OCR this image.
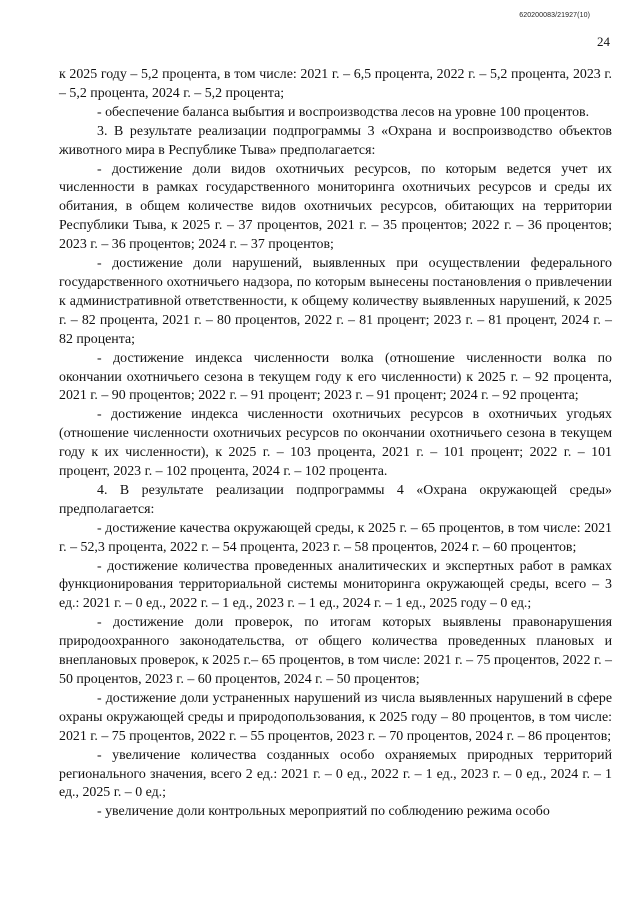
620200083/21927(10)
24

к 2025 году – 5,2 процента, в том числе: 2021 г. – 6,5 процента, 2022 г. – 5,2 процента, 2023 г. – 5,2 процента, 2024 г. – 5,2 процента;

- обеспечение баланса выбытия и воспроизводства лесов на уровне 100 процентов.

3. В результате реализации подпрограммы 3 «Охрана и воспроизводство объектов животного мира в Республике Тыва» предполагается:

- достижение доли видов охотничьих ресурсов, по которым ведется учет их численности в рамках государственного мониторинга охотничьих ресурсов и среды их обитания, в общем количестве видов охотничьих ресурсов, обитающих на территории Республики Тыва, к 2025 г. – 37 процентов, 2021 г. – 35 процентов; 2022 г. – 36 процентов; 2023 г. – 36 процентов; 2024 г. – 37 процентов;

- достижение доли нарушений, выявленных при осуществлении федерального государственного охотничьего надзора, по которым вынесены постановления о привлечении к административной ответственности, к общему количеству выявленных нарушений, к 2025 г. – 82 процента, 2021 г. – 80 процентов, 2022 г. – 81 процент; 2023 г. – 81 процент, 2024 г. – 82 процента;

- достижение индекса численности волка (отношение численности волка по окончании охотничьего сезона в текущем году к его численности) к 2025 г. – 92 процента, 2021 г. – 90 процентов; 2022 г. – 91 процент; 2023 г. – 91 процент; 2024 г. – 92 процента;

- достижение индекса численности охотничьих ресурсов в охотничьих угодьях (отношение численности охотничьих ресурсов по окончании охотничьего сезона в текущем году к их численности), к 2025 г. – 103 процента, 2021 г. – 101 процент; 2022 г. – 101 процент, 2023 г. – 102 процента, 2024 г. – 102 процента.

4. В результате реализации подпрограммы 4 «Охрана окружающей среды» предполагается:

- достижение качества окружающей среды, к 2025 г. – 65 процентов, в том числе: 2021 г. – 52,3 процента, 2022 г. – 54 процента, 2023 г. – 58 процентов, 2024 г. – 60 процентов;

- достижение количества проведенных аналитических и экспертных работ в рамках функционирования территориальной системы мониторинга окружающей среды, всего – 3 ед.: 2021 г. – 0 ед., 2022 г. – 1 ед., 2023 г. – 1 ед., 2024 г. – 1 ед., 2025 году – 0 ед.;

- достижение доли проверок, по итогам которых выявлены правонарушения природоохранного законодательства, от общего количества проведенных плановых и внеплановых проверок, к 2025 г.– 65 процентов, в том числе: 2021 г. – 75 процентов, 2022 г. – 50 процентов, 2023 г. – 60 процентов, 2024 г. – 50 процентов;

- достижение доли устраненных нарушений из числа выявленных нарушений в сфере охраны окружающей среды и природопользования, к 2025 году – 80 процентов, в том числе: 2021 г. – 75 процентов, 2022 г. – 55 процентов, 2023 г. – 70 процентов, 2024 г. – 86 процентов;

- увеличение количества созданных особо охраняемых природных территорий регионального значения, всего 2 ед.: 2021 г. – 0 ед., 2022 г. – 1 ед., 2023 г. – 0 ед., 2024 г. – 1 ед., 2025 г. – 0 ед.;

- увеличение доли контрольных мероприятий по соблюдению режима особо
